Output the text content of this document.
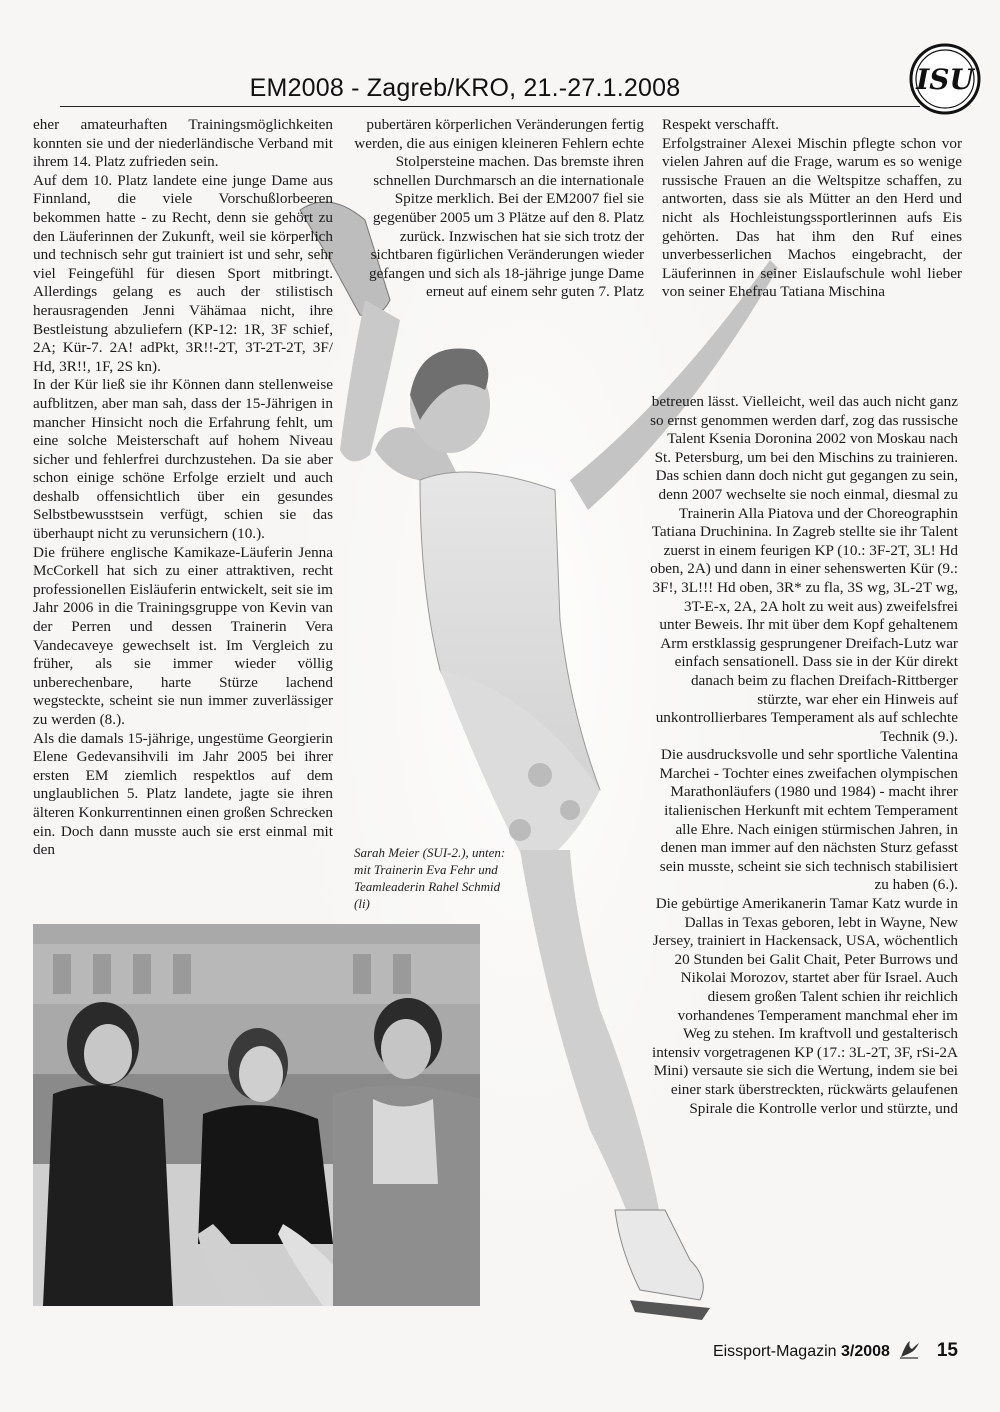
EM2008 - Zagreb/KRO, 21.-27.1.2008	ISU

eher amateurhaften Trainingsmöglichkeiten konnten sie und der niederländische Verband mit ihrem 14. Platz zufrieden sein.

Auf dem 10. Platz landete eine junge Dame aus Finnland, die viele Vorschußlorbeeren bekommen hatte - zu Recht, denn sie gehört zu den Läuferinnen der Zukunft, weil sie körperlich und technisch sehr gut trainiert ist und sehr, sehr viel Feingefühl für diesen Sport mitbringt. Allerdings gelang es auch der stilistisch herausragenden Jenni Vähämaa nicht, ihre Bestleistung abzuliefern (KP-12: 1R, 3F schief, 2A; Kür-7. 2A! adPkt, 3R!!-2T, 3T-2T-2T, 3F/ Hd, 3R!!, 1F, 2S kn).

In der Kür ließ sie ihr Können dann stellenweise aufblitzen, aber man sah, dass der 15-Jährigen in mancher Hinsicht noch die Erfahrung fehlt, um eine solche Meisterschaft auf hohem Niveau sicher und fehlerfrei durchzustehen. Da sie aber schon einige schöne Erfolge erzielt und auch deshalb offensichtlich über ein gesundes Selbstbewusstsein verfügt, schien sie das überhaupt nicht zu verunsichern (10.).

Die frühere englische Kamikaze-Läuferin Jenna McCorkell hat sich zu einer attraktiven, recht professionellen Eisläuferin entwickelt, seit sie im Jahr 2006 in die Trainingsgruppe von Kevin van der Perren und dessen Trainerin Vera Vandecaveye gewechselt ist. Im Vergleich zu früher, als sie immer wieder völlig unberechenbare, harte Stürze lachend wegsteckte, scheint sie nun immer zuverlässiger zu werden (8.).

Als die damals 15-jährige, ungestüme Georgierin Elene Gedevansihvili im Jahr 2005 bei ihrer ersten EM ziemlich respektlos auf dem unglaublichen 5. Platz landete, jagte sie ihren älteren Konkurrentinnen einen großen Schrecken ein. Doch dann musste auch sie erst einmal mit den

pubertären körperlichen Veränderungen fertig werden, die aus einigen kleineren Fehlern echte Stolpersteine machen. Das bremste ihren schnellen Durchmarsch an die internationale Spitze merklich. Bei der EM2007 fiel sie gegenüber 2005 um 3 Plätze auf den 8. Platz zurück. Inzwischen hat sie sich trotz der sichtbaren figürlichen Veränderungen wieder gefangen und sich als 18-jährige junge Dame erneut auf einem sehr guten 7. Platz

Respekt verschafft.

Erfolgstrainer Alexei Mischin pflegte schon vor vielen Jahren auf die Frage, warum es so wenige russische Frauen an die Weltspitze schaffen, zu antworten, dass sie als Mütter an den Herd und nicht als Hochleistungssportlerinnen aufs Eis gehörten. Das hat ihm den Ruf eines unverbesserlichen Machos eingebracht, der Läuferinnen in seiner Eislaufschule wohl lieber von seiner Ehefrau Tatiana Mischina

betreuen lässt. Vielleicht, weil das auch nicht ganz so ernst genommen werden darf, zog das russische Talent Ksenia Doronina 2002 von Moskau nach St. Petersburg, um bei den Mischins zu trainieren. Das schien dann doch nicht gut gegangen zu sein, denn 2007 wechselte sie noch einmal, diesmal zu Trainerin Alla Piatova und der Choreographin Tatiana Druchinina. In Zagreb stellte sie ihr Talent zuerst in einem feurigen KP (10.: 3F-2T, 3L! Hd oben, 2A) und dann in einer sehenswerten Kür (9.: 3F!, 3L!!! Hd oben, 3R* zu fla, 3S wg, 3L-2T wg, 3T-E-x, 2A, 2A holt zu weit aus) zweifelsfrei unter Beweis. Ihr mit über dem Kopf gehaltenem Arm erstklassig gesprungener Dreifach-Lutz war einfach sensationell. Dass sie in der Kür direkt danach beim zu flachen Dreifach-Rittberger stürzte, war eher ein Hinweis auf unkontrollierbares Temperament als auf schlechte Technik (9.).

Die ausdrucksvolle und sehr sportliche Valentina Marchei - Tochter eines zweifachen olympischen Marathonläufers (1980 und 1984) - macht ihrer italienischen Herkunft mit echtem Temperament alle Ehre. Nach einigen stürmischen Jahren, in denen man immer auf den nächsten Sturz gefasst sein musste, scheint sie sich technisch stabilisiert zu haben (6.).

Die gebürtige Amerikanerin Tamar Katz wurde in Dallas in Texas geboren, lebt in Wayne, New Jersey, trainiert in Hackensack, USA, wöchentlich 20 Stunden bei Galit Chait, Peter Burrows und Nikolai Morozov, startet aber für Israel. Auch diesem großen Talent schien ihr reichlich vorhandenes Temperament manchmal eher im Weg zu stehen. Im kraftvoll und gestalterisch intensiv vorgetragenen KP (17.: 3L-2T, 3F, rSi-2A Mini) versaute sie sich die Wertung, indem sie bei einer stark überstreckten, rückwärts gelaufenen Spirale die Kontrolle verlor und stürzte, und

Sarah Meier (SUI-2.), unten: mit Trainerin Eva Fehr und Teamleaderin Rahel Schmid (li)
Eissport-Magazin 3/2008 15
